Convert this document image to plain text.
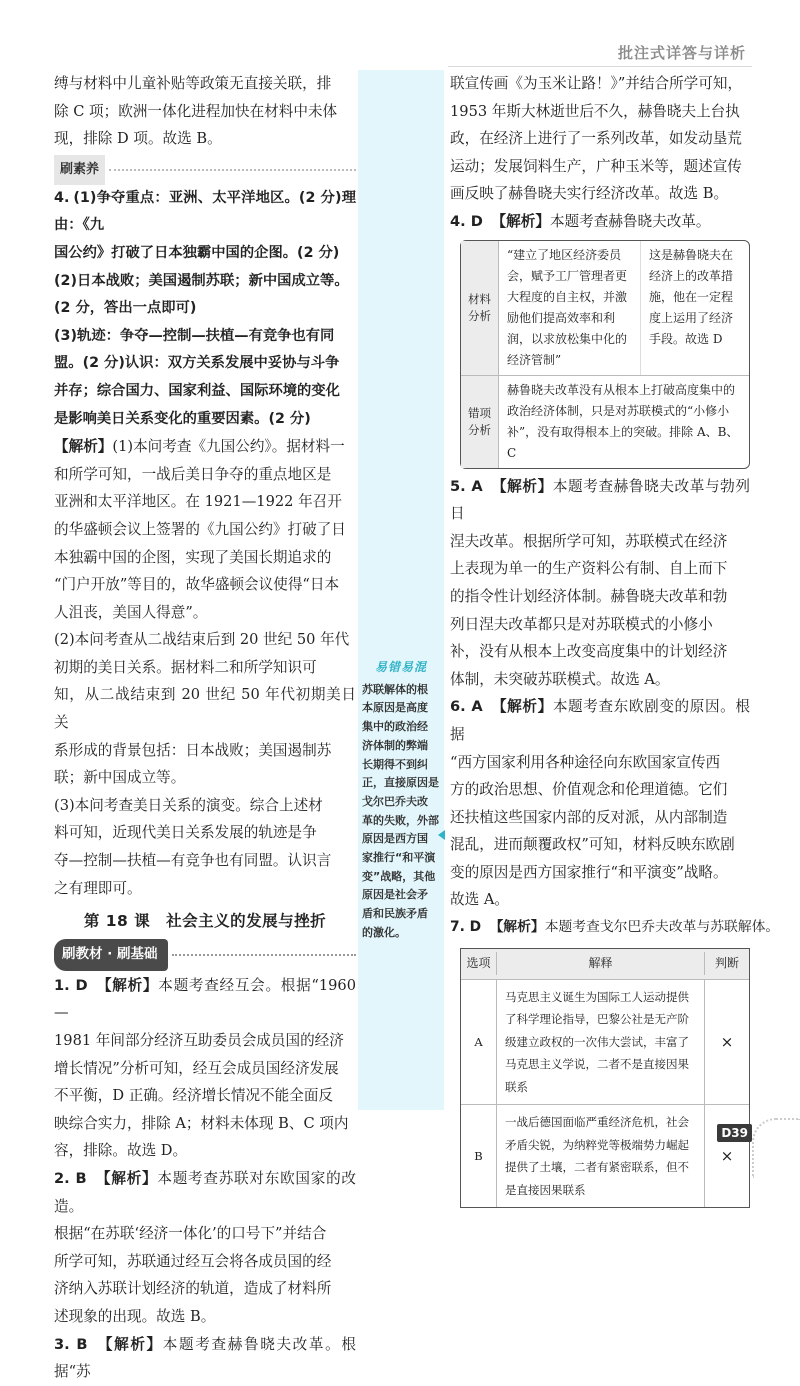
批注式详答与详析
易错易混
苏联解体的根
本原因是高度
集中的政治经
济体制的弊端
长期得不到纠
正，直接原因是
戈尔巴乔夫改
革的失败，外部
原因是西方国
家推行“和平演
变”战略，其他
原因是社会矛
盾和民族矛盾
的激化。
缚与材料中儿童补贴等政策无直接关联，排
除 C 项；欧洲一体化进程加快在材料中未体
现，排除 D 项。故选 B。
刷素养
4. (1)争夺重点：亚洲、太平洋地区。(2 分)理由：《九
国公约》打破了日本独霸中国的企图。(2 分)
(2)日本战败；美国遏制苏联；新中国成立等。
(2 分，答出一点即可)
(3)轨迹：争夺—控制—扶植—有竞争也有同
盟。(2 分)认识：双方关系发展中妥协与斗争
并存；综合国力、国家利益、国际环境的变化
是影响美日关系变化的重要因素。(2 分)
【解析】(1)本问考查《九国公约》。据材料一
和所学可知，一战后美日争夺的重点地区是
亚洲和太平洋地区。在 1921—1922 年召开
的华盛顿会议上签署的《九国公约》打破了日
本独霸中国的企图，实现了美国长期追求的
“门户开放”等目的，故华盛顿会议使得“日本
人沮丧，美国人得意”。
(2)本问考查从二战结束后到 20 世纪 50 年代
初期的美日关系。据材料二和所学知识可
知，从二战结束到 20 世纪 50 年代初期美日关
系形成的背景包括：日本战败；美国遏制苏
联；新中国成立等。
(3)本问考查美日关系的演变。综合上述材
料可知，近现代美日关系发展的轨迹是争
夺—控制—扶植—有竞争也有同盟。认识言
之有理即可。
第 18 课　社会主义的发展与挫折
刷教材 · 刷基础
1. D 【解析】本题考查经互会。根据“1960—
1981 年间部分经济互助委员会成员国的经济
增长情况”分析可知，经互会成员国经济发展
不平衡，D 正确。经济增长情况不能全面反
映综合实力，排除 A；材料未体现 B、C 项内
容，排除。故选 D。
2. B 【解析】本题考查苏联对东欧国家的改造。
根据“在苏联‘经济一体化’的口号下”并结合
所学可知，苏联通过经互会将各成员国的经
济纳入苏联计划经济的轨道，造成了材料所
述现象的出现。故选 B。
3. B 【解析】本题考查赫鲁晓夫改革。根据“苏
联宣传画《为玉米让路！》”并结合所学可知，
1953 年斯大林逝世后不久，赫鲁晓夫上台执
政，在经济上进行了一系列改革，如发动垦荒
运动；发展饲料生产，广种玉米等，题述宣传
画反映了赫鲁晓夫实行经济改革。故选 B。
4. D 【解析】本题考查赫鲁晓夫改革。
材料分析
“建立了地区经济委员会，赋予工厂管理者更大程度的自主权，并激励他们提高效率和利润，以求放松集中化的经济管制”
这是赫鲁晓夫在经济上的改革措施，他在一定程度上运用了经济手段。故选 D
错项分析
赫鲁晓夫改革没有从根本上打破高度集中的政治经济体制，只是对苏联模式的“小修小补”，没有取得根本上的突破。排除 A、B、C
5. A 【解析】本题考查赫鲁晓夫改革与勃列日
涅夫改革。根据所学可知，苏联模式在经济
上表现为单一的生产资料公有制、自上而下
的指令性计划经济体制。赫鲁晓夫改革和勃
列日涅夫改革都只是对苏联模式的小修小
补，没有从根本上改变高度集中的计划经济
体制，未突破苏联模式。故选 A。
6. A 【解析】本题考查东欧剧变的原因。根据
“西方国家利用各种途径向东欧国家宣传西
方的政治思想、价值观念和伦理道德。它们
还扶植这些国家内部的反对派，从内部制造
混乱，进而颠覆政权”可知，材料反映东欧剧
变的原因是西方国家推行“和平演变”战略。
故选 A。
7. D 【解析】本题考查戈尔巴乔夫改革与苏联解体。
选项	解释	判断
A
马克思主义诞生为国际工人运动提供了科学理论指导，巴黎公社是无产阶级建立政权的一次伟大尝试，丰富了马克思主义学说，二者不是直接因果联系
×
B
一战后德国面临严重经济危机，社会矛盾尖锐，为纳粹党等极端势力崛起提供了土壤，二者有紧密联系，但不是直接因果联系
×
D39
